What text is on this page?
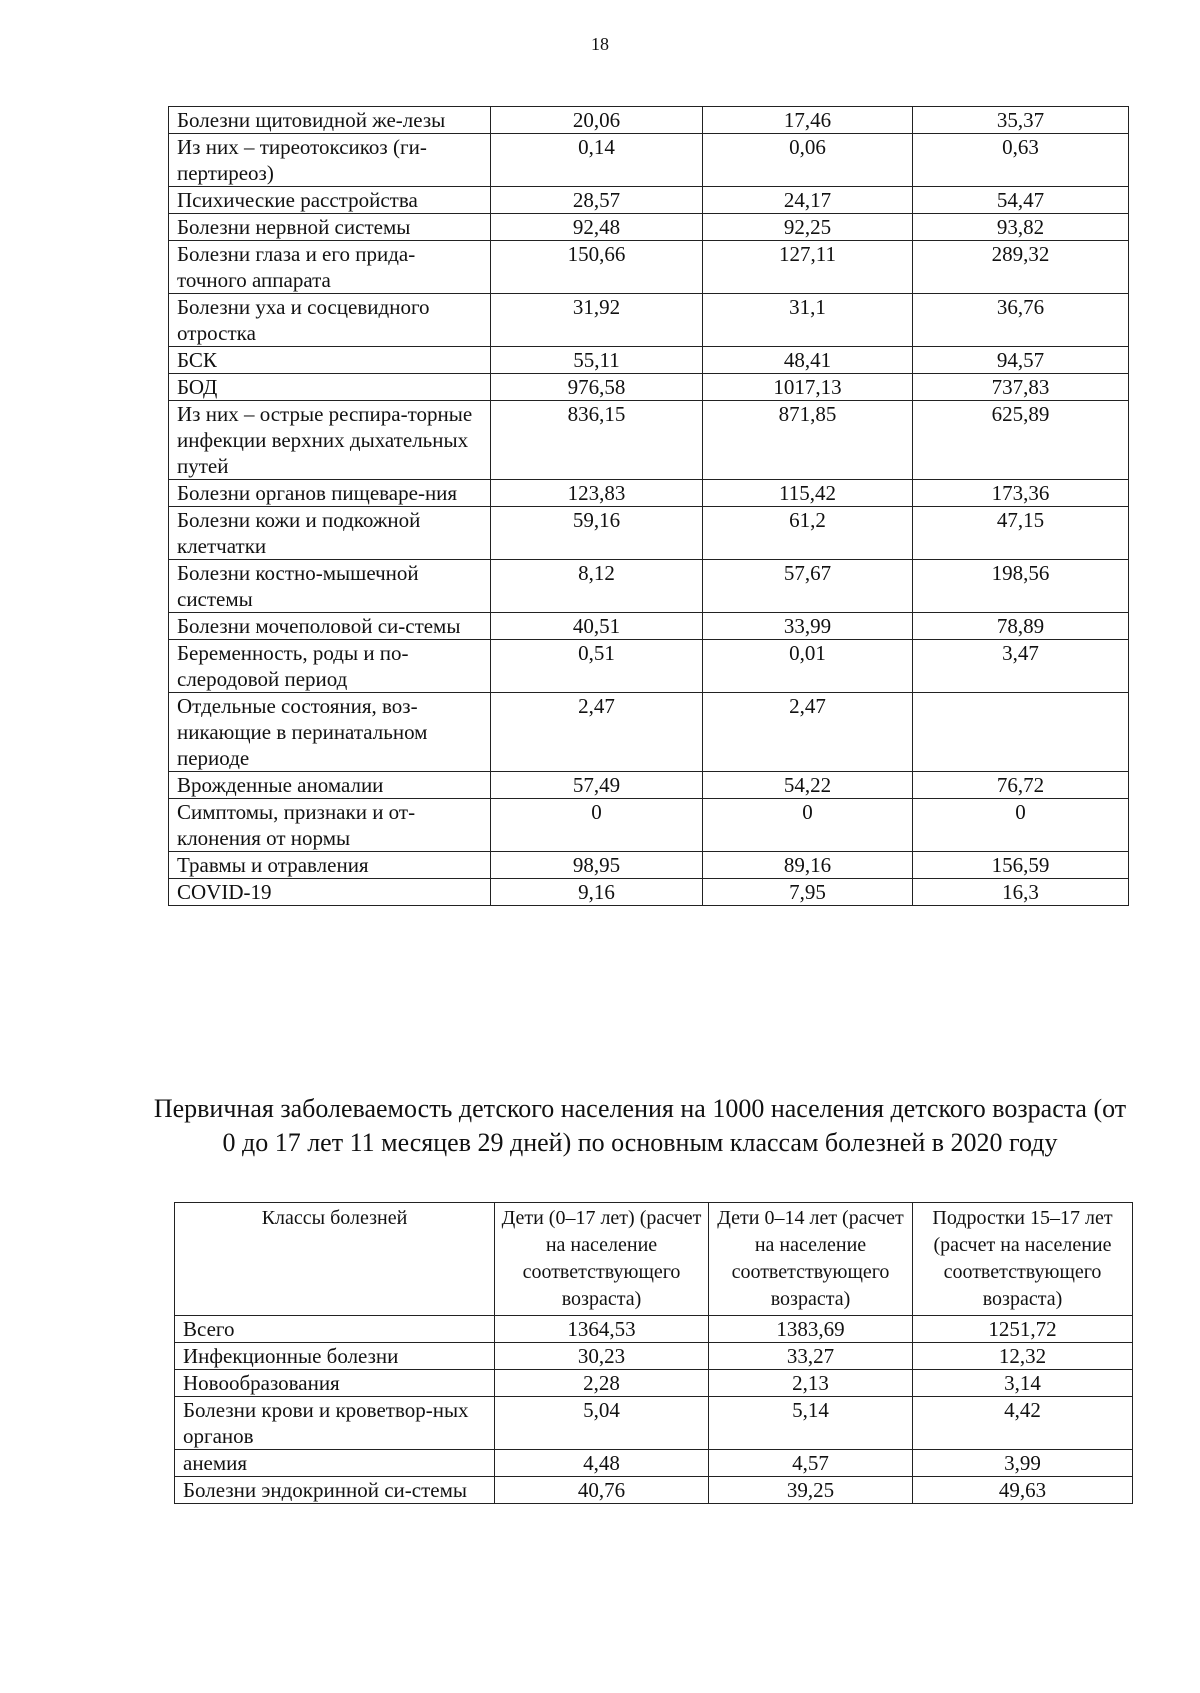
18
Болезни щитовидной же-лезы	20,06	17,46	35,37
Из них – тиреотоксикоз (ги-пертиреоз)	0,14	0,06	0,63
Психические расстройства	28,57	24,17	54,47
Болезни нервной системы	92,48	92,25	93,82
Болезни глаза и его прида-точного аппарата	150,66	127,11	289,32
Болезни уха и сосцевидного отростка	31,92	31,1	36,76
БСК	55,11	48,41	94,57
БОД	976,58	1017,13	737,83
Из них – острые респира-торные инфекции верхних дыхательных путей	836,15	871,85	625,89
Болезни органов пищеваре-ния	123,83	115,42	173,36
Болезни кожи и подкожной клетчатки	59,16	61,2	47,15
Болезни костно-мышечной системы	8,12	57,67	198,56
Болезни мочеполовой си-стемы	40,51	33,99	78,89
Беременность, роды и по-слеродовой период	0,51	0,01	3,47
Отдельные состояния, воз-никающие в перинатальном периоде	2,47	2,47	
Врожденные аномалии	57,49	54,22	76,72
Симптомы, признаки и от-клонения от нормы	0	0	0
Травмы и отравления	98,95	89,16	156,59
COVID-19	9,16	7,95	16,3
Первичная заболеваемость детского населения на 1000 населения детского возраста (от 0 до 17 лет 11 месяцев 29 дней) по основным классам болезней в 2020 году
Классы болезней	Дети (0–17 лет) (расчет на население соответствующего возраста)	Дети 0–14 лет (расчет на население соответствующего возраста)	Подростки 15–17 лет (расчет на население соответствующего возраста)
Всего	1364,53	1383,69	1251,72
Инфекционные болезни	30,23	33,27	12,32
Новообразования	2,28	2,13	3,14
Болезни крови и кроветвор-ных органов	5,04	5,14	4,42
анемия	4,48	4,57	3,99
Болезни эндокринной си-стемы	40,76	39,25	49,63
